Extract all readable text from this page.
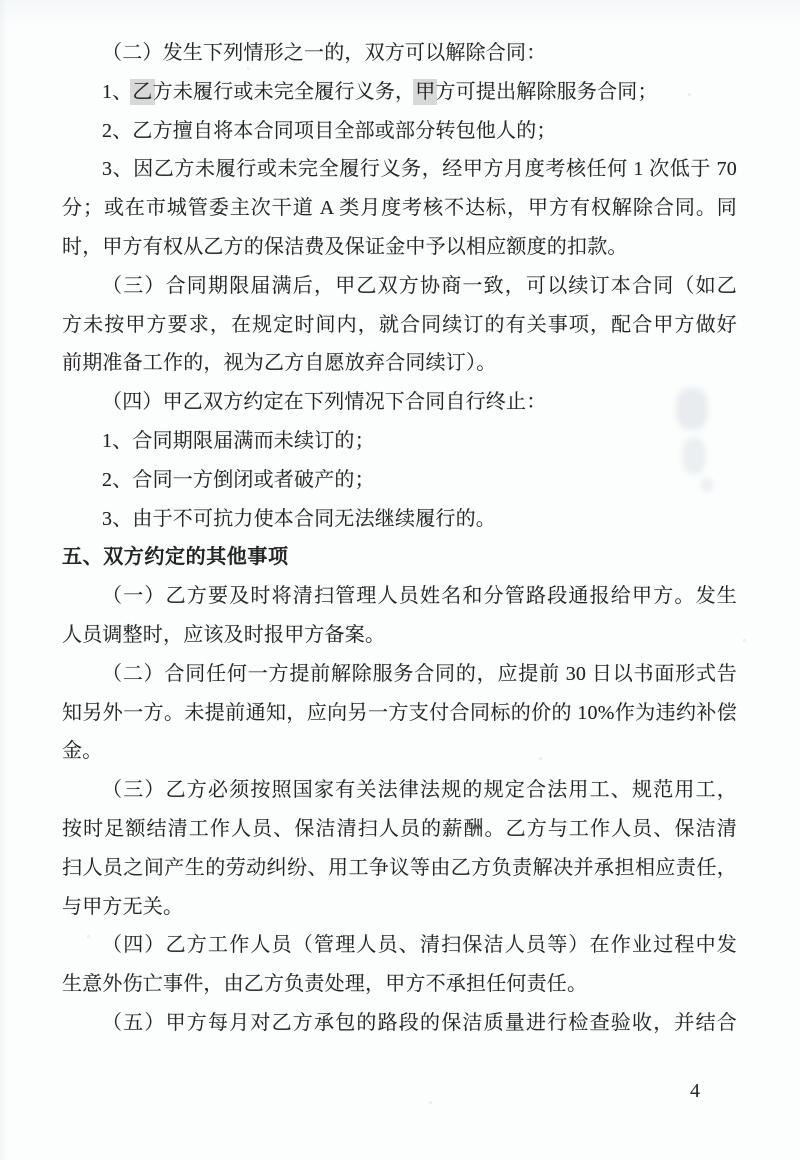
（二）发生下列情形之一的，双方可以解除合同：
1、乙方未履行或未完全履行义务，甲方可提出解除服务合同；
2、乙方擅自将本合同项目全部或部分转包他人的；
3、因乙方未履行或未完全履行义务，经甲方月度考核任何 1 次低于 70
分；或在市城管委主次干道 A 类月度考核不达标，甲方有权解除合同。同
时，甲方有权从乙方的保洁费及保证金中予以相应额度的扣款。
（三）合同期限届满后，甲乙双方协商一致，可以续订本合同（如乙
方未按甲方要求，在规定时间内，就合同续订的有关事项，配合甲方做好
前期准备工作的，视为乙方自愿放弃合同续订）。
（四）甲乙双方约定在下列情况下合同自行终止：
1、合同期限届满而未续订的；
2、合同一方倒闭或者破产的；
3、由于不可抗力使本合同无法继续履行的。
五、双方约定的其他事项
（一）乙方要及时将清扫管理人员姓名和分管路段通报给甲方。发生
人员调整时，应该及时报甲方备案。
（二）合同任何一方提前解除服务合同的，应提前 30 日以书面形式告
知另外一方。未提前通知，应向另一方支付合同标的价的 10%作为违约补偿
金。
（三）乙方必须按照国家有关法律法规的规定合法用工、规范用工，
按时足额结清工作人员、保洁清扫人员的薪酬。乙方与工作人员、保洁清
扫人员之间产生的劳动纠纷、用工争议等由乙方负责解决并承担相应责任，
与甲方无关。
（四）乙方工作人员（管理人员、清扫保洁人员等）在作业过程中发
生意外伤亡事件，由乙方负责处理，甲方不承担任何责任。
（五）甲方每月对乙方承包的路段的保洁质量进行检查验收，并结合
4
